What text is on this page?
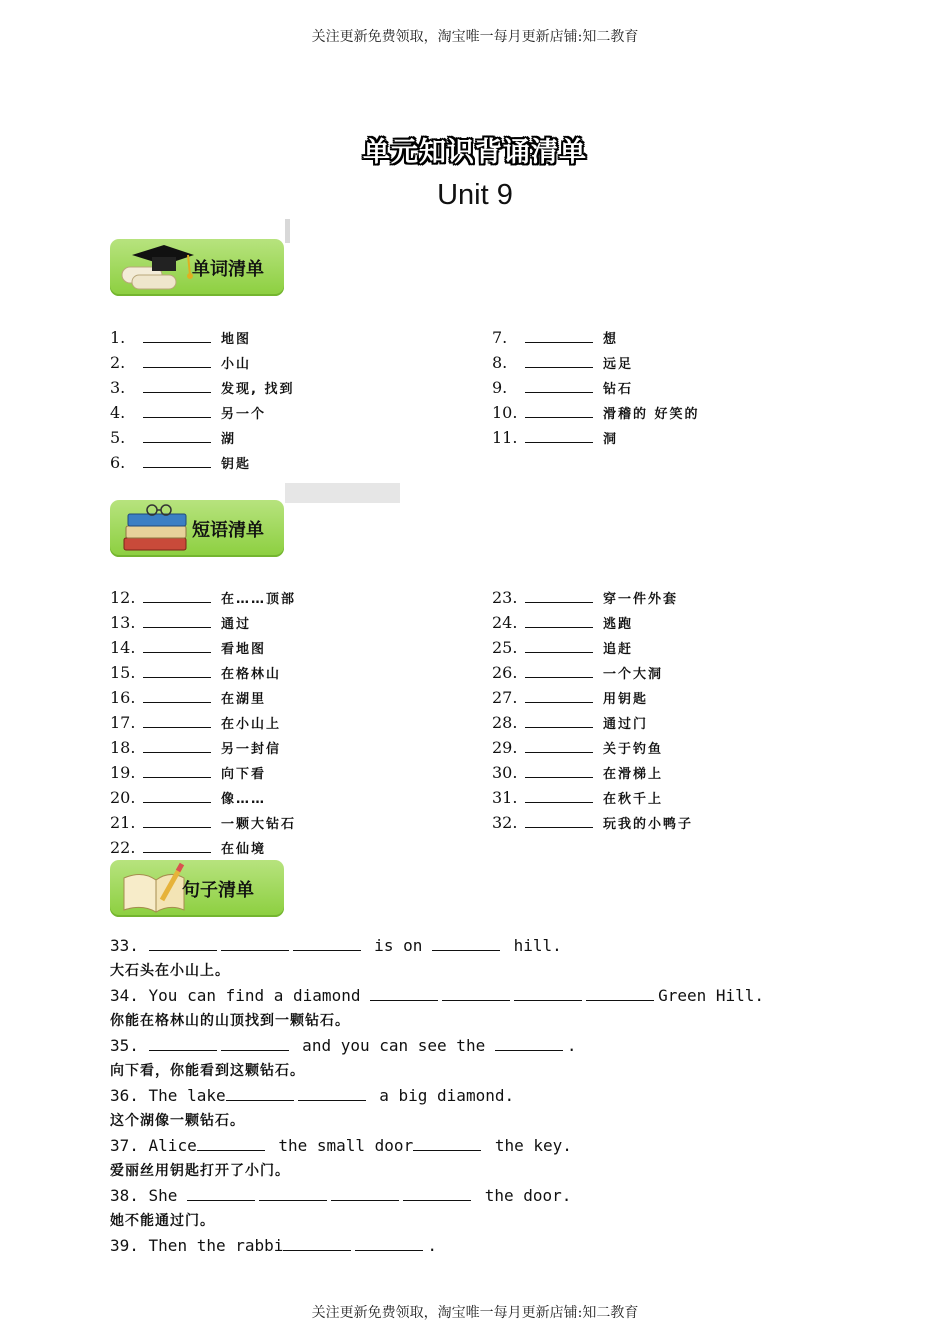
关注更新免费领取，淘宝唯一每月更新店铺:知二教育
单元知识背诵清单
Unit 9
单词清单
1.	地图
2.	小山
3.	发现, 找到
4.	另一个
5.	湖
6.	钥匙
7.	想
8.	远足
9.	钻石
10.	滑稽的 好笑的
11.	洞
短语清单
12.	在……顶部
13.	通过
14.	看地图
15.	在格林山
16.	在湖里
17.	在小山上
18.	另一封信
19.	向下看
20.	像……
21.	一颗大钻石
22.	在仙境
23.	穿一件外套
24.	逃跑
25.	追赶
26.	一个大洞
27.	用钥匙
28.	通过门
29.	关于钓鱼
30.	在滑梯上
31.	在秋千上
32.	玩我的小鸭子
句子清单
33.	is on	hill.
大石头在小山上。
34. You can find a diamond	Green Hill.
你能在格林山的山顶找到一颗钻石。
35.	and you can see the	.
向下看，你能看到这颗钻石。
36. The lake	a big diamond.
这个湖像一颗钻石。
37. Alice	the small door	the key.
爱丽丝用钥匙打开了小门。
38. She	the door.
她不能通过门。
39. Then the rabbi	.
关注更新免费领取，淘宝唯一每月更新店铺:知二教育
